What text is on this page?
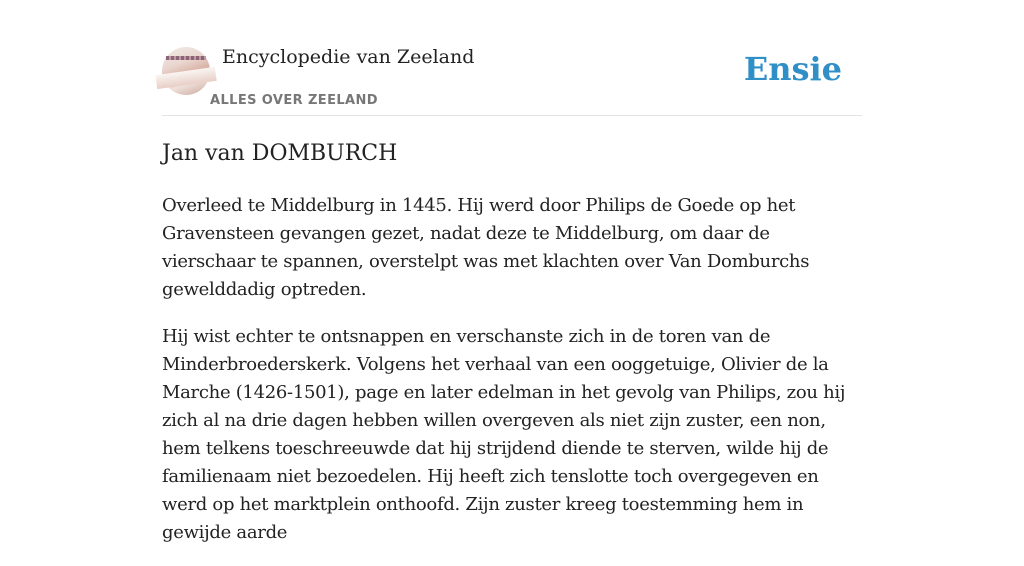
Encyclopedie van Zeeland
ALLES OVER ZEELAND
Ensie
Jan van DOMBURCH

Overleed te Middelburg in 1445. Hij werd door Philips de Goede op het Gravensteen gevangen gezet, nadat deze te Middelburg, om daar de vierschaar te spannen, overstelpt was met klachten over Van Domburchs gewelddadig optreden.

Hij wist echter te ontsnappen en verschanste zich in de toren van de Minderbroederskerk. Volgens het verhaal van een ooggetuige, Olivier de la Marche (1426-1501), page en later edelman in het gevolg van Philips, zou hij zich al na drie dagen hebben willen overgeven als niet zijn zuster, een non, hem telkens toeschreeuwde dat hij strijdend diende te sterven, wilde hij de familienaam niet bezoedelen. Hij heeft zich tenslotte toch overgegeven en werd op het marktplein onthoofd. Zijn zuster kreeg toestemming hem in gewijde aarde
